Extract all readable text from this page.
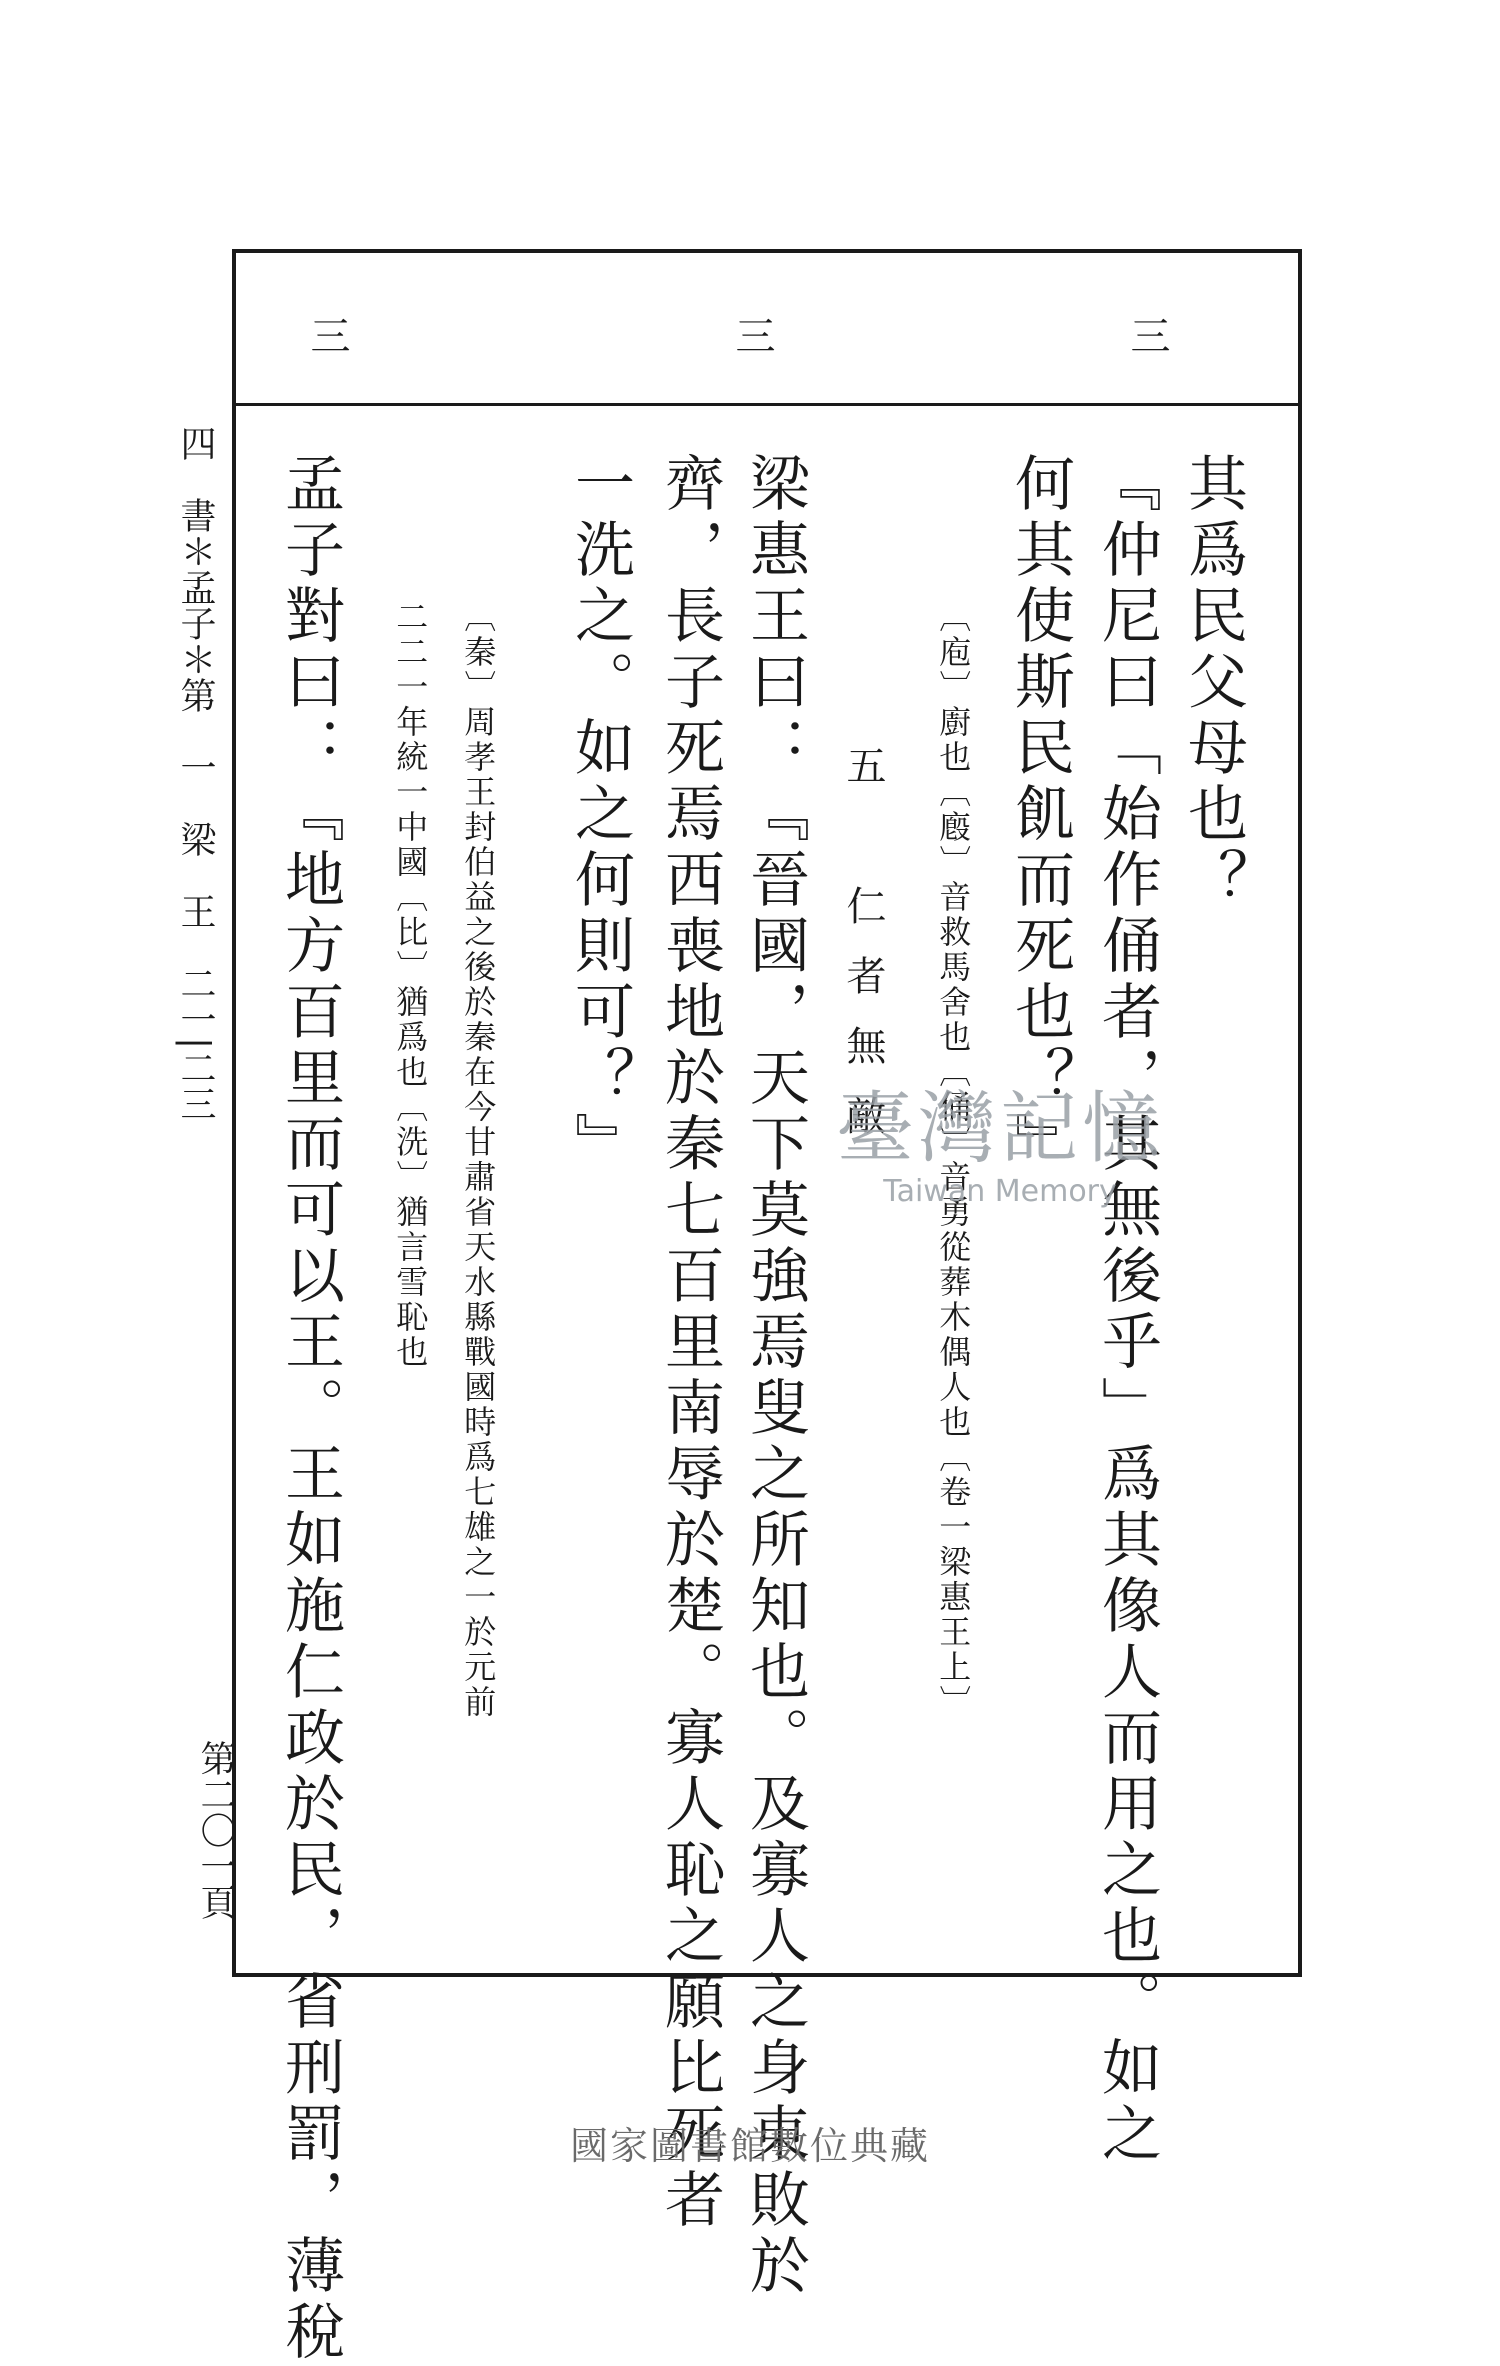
三	三	三
其爲民父母也？
『仲尼曰「始作俑者，其無後乎」爲其像人而用之也。如之
何其使斯民飢而死也？』
〔庖〕廚也〔廏〕音救馬舍也〔俑〕音勇從葬木偶人也〔卷一梁惠王上〕
五　仁者無敵
梁惠王曰：『晉國，天下莫強焉叟之所知也。及寡人之身東敗於
齊，長子死焉西喪地於秦七百里南辱於楚。寡人恥之願比死者
一洗之。如之何則可？』
〔秦〕周孝王封伯益之後於秦在今甘肅省天水縣戰國時爲七雄之一於元前
二二一年統一中國〔比〕猶爲也〔洗〕猶言雪恥也
孟子對曰：『地方百里而可以王。王如施仁政於民，省刑罰，薄稅
四　書＊孟子＊第　一　梁　王　二一|二三
第二〇一頁
臺灣記憶
Taiwan Memory
國家圖書館數位典藏
